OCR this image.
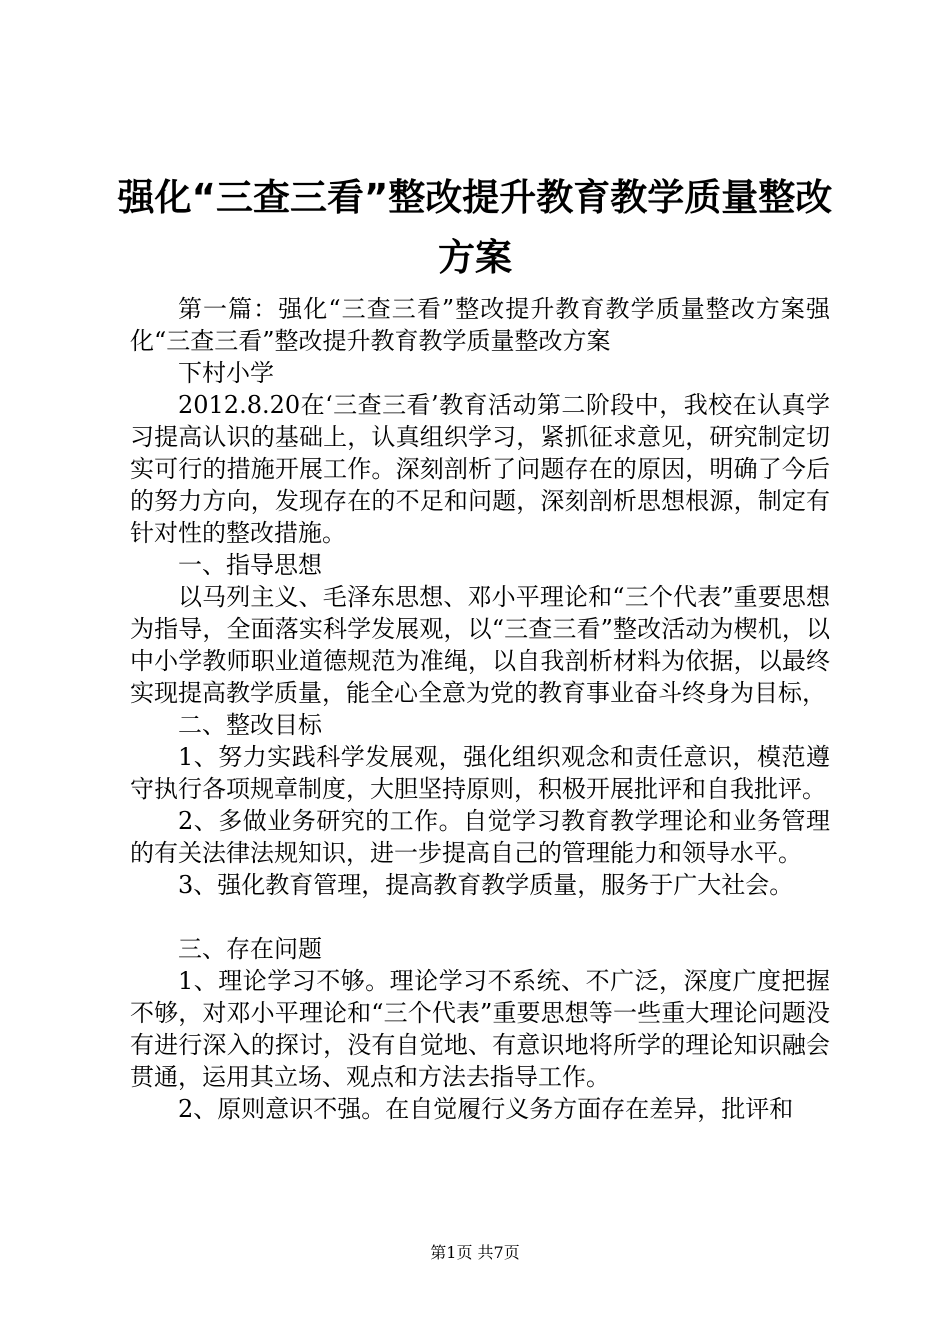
强化“三查三看”整改提升教育教学质量整改方案

第一篇：强化“三查三看”整改提升教育教学质量整改方案强化“三查三看”整改提升教育教学质量整改方案

下村小学

2012.8.20在‘三查三看’教育活动第二阶段中，我校在认真学习提高认识的基础上，认真组织学习，紧抓征求意见，研究制定切实可行的措施开展工作。深刻剖析了问题存在的原因，明确了今后的努力方向，发现存在的不足和问题，深刻剖析思想根源，制定有针对性的整改措施。

一、指导思想

以马列主义、毛泽东思想、邓小平理论和“三个代表”重要思想为指导，全面落实科学发展观，以“三查三看”整改活动为楔机，以中小学教师职业道德规范为准绳，以自我剖析材料为依据，以最终实现提高教学质量，能全心全意为党的教育事业奋斗终身为目标，

二、整改目标

1、努力实践科学发展观，强化组织观念和责任意识，模范遵守执行各项规章制度，大胆坚持原则，积极开展批评和自我批评。

2、多做业务研究的工作。自觉学习教育教学理论和业务管理的有关法律法规知识，进一步提高自己的管理能力和领导水平。

3、强化教育管理，提高教育教学质量，服务于广大社会。

三、存在问题

1、理论学习不够。理论学习不系统、不广泛，深度广度把握不够，对邓小平理论和“三个代表”重要思想等一些重大理论问题没有进行深入的探讨，没有自觉地、有意识地将所学的理论知识融会贯通，运用其立场、观点和方法去指导工作。

2、原则意识不强。在自觉履行义务方面存在差异，批评和

第1页 共7页
